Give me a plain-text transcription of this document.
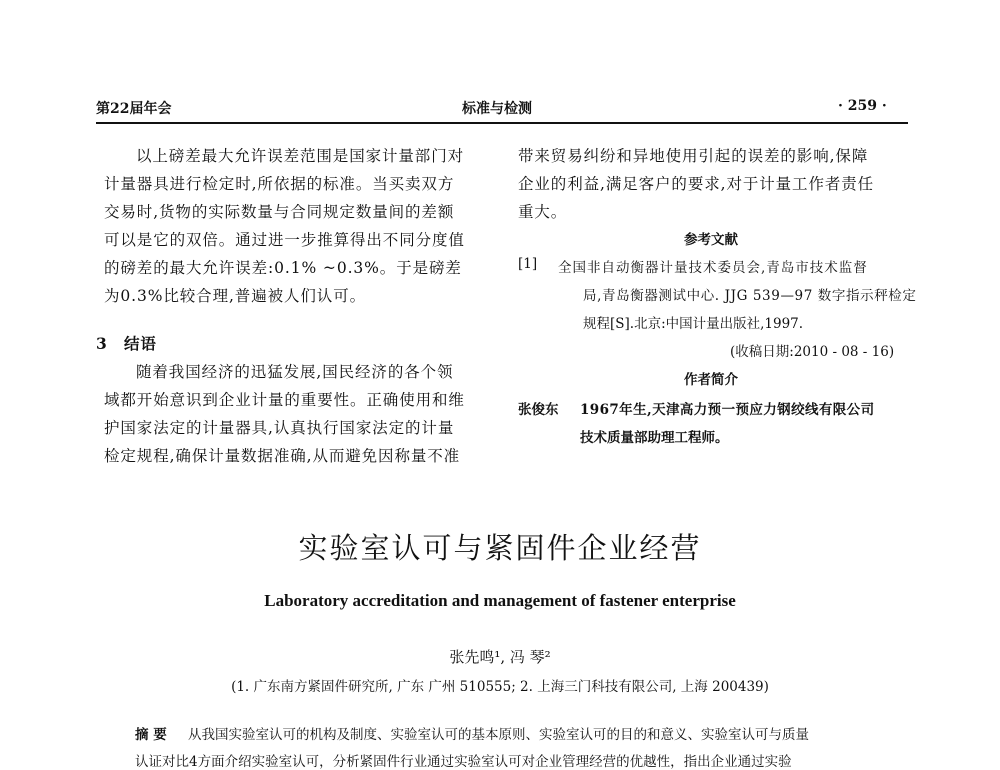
第22届年会	标准与检测	· 259 ·
以上磅差最大允许误差范围是国家计量部门对
计量器具进行检定时,所依据的标准。当买卖双方
交易时,货物的实际数量与合同规定数量间的差额
可以是它的双倍。通过进一步推算得出不同分度值
的磅差的最大允许误差:0.1% ~0.3%。于是磅差
为0.3%比较合理,普遍被人们认可。
3 结语
随着我国经济的迅猛发展,国民经济的各个领
域都开始意识到企业计量的重要性。正确使用和维
护国家法定的计量器具,认真执行国家法定的计量
检定规程,确保计量数据准确,从而避免因称量不准
带来贸易纠纷和异地使用引起的误差的影响,保障
企业的利益,满足客户的要求,对于计量工作者责任
重大。
参考文献
[1] 全国非自动衡器计量技术委员会,青岛市技术监督
局,青岛衡器测试中心. JJG 539—97 数字指示秤检定
规程[S].北京:中国计量出版社,1997.
(收稿日期:2010 - 08 - 16)
作者简介
张俊东 1967年生,天津高力预一预应力钢绞线有限公司
技术质量部助理工程师。
实验室认可与紧固件企业经营
Laboratory accreditation and management of fastener enterprise
张先鸣¹, 冯 琴²
(1. 广东南方紧固件研究所, 广东 广州 510555; 2. 上海三门科技有限公司, 上海 200439)
摘 要 从我国实验室认可的机构及制度、实验室认可的基本原则、实验室认可的目的和意义、实验室认可与质量
认证对比4方面介绍实验室认可，分析紧固件行业通过实验室认可对企业管理经营的优越性，指出企业通过实验
